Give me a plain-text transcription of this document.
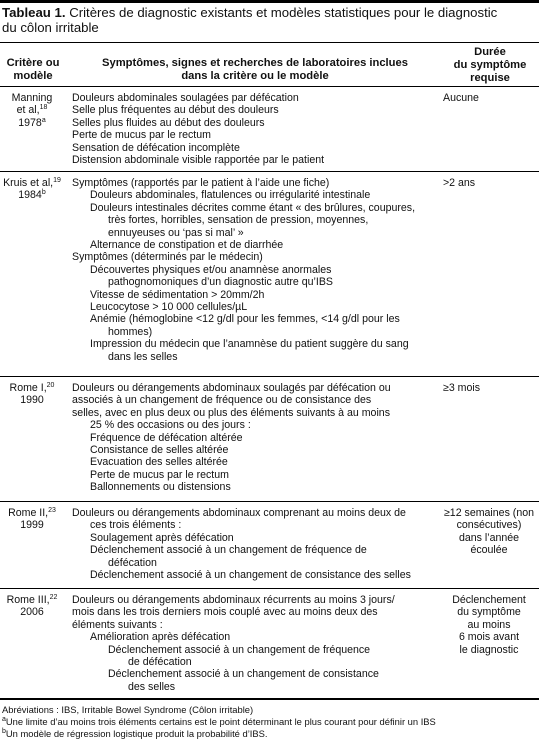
Tableau 1. Critères de diagnostic existants et modèles statistiques pour le diagnostic
du côlon irritable
Critère ou
modèle
Symptômes, signes et recherches de laboratoires inclues
dans la critère ou le modèle
Durée
du symptôme
requise
Manning
et al,$^{18}$
1978$^a$
Douleurs abdominales soulagées par défécation
Selle plus fréquentes au début des douleurs
Selles plus fluides au début des douleurs
Perte de mucus par le rectum
Sensation de défécation incomplète
Distension abdominale visible rapportée par le patient
Aucune
Kruis et al,$^{19}$
1984$^b$
Symptômes (rapportés par le patient à l’aide une fiche)
Douleurs abdominales, flatulences ou irrégularité intestinale
Douleurs intestinales décrites comme étant « des brûlures, coupures,
très fortes, horribles, sensation de pression, moyennes,
ennuyeuses ou ‘pas si mal’ »
Alternance de constipation et de diarrhée
Symptômes (déterminés par le médecin)
Découvertes physiques et/ou anamnèse anormales
pathognomoniques d’un diagnostic autre qu’IBS
Vitesse de sédimentation > 20mm/2h
Leucocytose > 10 000 cellules/µL
Anémie (hémoglobine <12 g/dl pour les femmes, <14 g/dl pour les
hommes)
Impression du médecin que l’anamnèse du patient suggère du sang
dans les selles
>2 ans
Rome I,$^{20}$
1990
Douleurs ou dérangements abdominaux soulagés par défécation ou
associés à un changement de fréquence ou de consistance des
selles, avec en plus deux ou plus des éléments suivants à au moins
25 % des occasions ou des jours :
Fréquence de défécation altérée
Consistance de selles altérée
Evacuation des selles altérée
Perte de mucus par le rectum
Ballonnements ou distensions
≥3 mois
Rome II,$^{23}$
1999
Douleurs ou dérangements abdominaux comprenant au moins deux de
ces trois éléments :
Soulagement après défécation
Déclenchement associé à un changement de fréquence de
défécation
Déclenchement associé à un changement de consistance des selles
≥12 semaines (non
consécutives)
dans l’année
écoulée
Rome III,$^{22}$
2006
Douleurs ou dérangements abdominaux récurrents au moins 3 jours/
mois dans les trois derniers mois couplé avec au moins deux des
éléments suivants :
Amélioration après défécation
Déclenchement associé à un changement de fréquence
de défécation
Déclenchement associé à un changement de consistance
des selles
Déclenchement
du symptôme
au moins
6 mois avant
le diagnostic
Abréviations : IBS, Irritable Bowel Syndrome (Côlon irritable)
$^a$Une limite d’au moins trois éléments certains est le point déterminant le plus courant pour définir un IBS
$^b$Un modèle de régression logistique produit la probabilité d’IBS.
